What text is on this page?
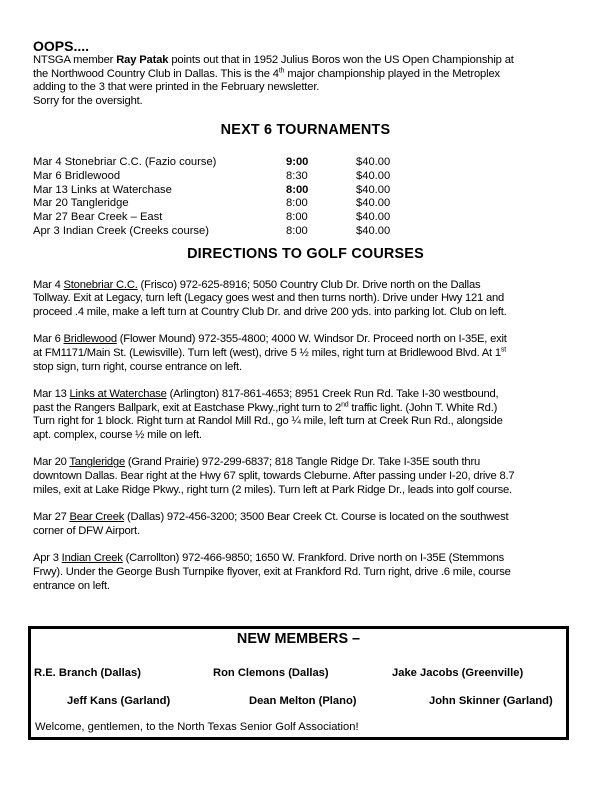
OOPS....
NTSGA member Ray Patak points out that in 1952 Julius Boros won the US Open Championship at
the Northwood Country Club in Dallas. This is the 4th major championship played in the Metroplex
adding to the 3 that were printed in the February newsletter.
Sorry for the oversight.
NEXT 6 TOURNAMENTS
Mar 4 Stonebriar C.C. (Fazio course)	9:00	$40.00
Mar 6 Bridlewood	8:30	$40.00
Mar 13 Links at Waterchase	8:00	$40.00
Mar 20 Tangleridge	8:00	$40.00
Mar 27 Bear Creek – East	8:00	$40.00
Apr 3 Indian Creek (Creeks course)	8:00	$40.00
DIRECTIONS TO GOLF COURSES
Mar 4 Stonebriar C.C. (Frisco) 972-625-8916; 5050 Country Club Dr. Drive north on the Dallas
Tollway. Exit at Legacy, turn left (Legacy goes west and then turns north). Drive under Hwy 121 and
proceed .4 mile, make a left turn at Country Club Dr. and drive 200 yds. into parking lot. Club on left.
Mar 6 Bridlewood (Flower Mound) 972-355-4800; 4000 W. Windsor Dr. Proceed north on I-35E, exit
at FM1171/Main St. (Lewisville). Turn left (west), drive 5 ½ miles, right turn at Bridlewood Blvd. At 1st
stop sign, turn right, course entrance on left.
Mar 13 Links at Waterchase (Arlington) 817-861-4653; 8951 Creek Run Rd. Take I-30 westbound,
past the Rangers Ballpark, exit at Eastchase Pkwy.,right turn to 2nd traffic light. (John T. White Rd.)
Turn right for 1 block. Right turn at Randol Mill Rd., go ¼ mile, left turn at Creek Run Rd., alongside
apt. complex, course ½ mile on left.
Mar 20 Tangleridge (Grand Prairie) 972-299-6837; 818 Tangle Ridge Dr. Take I-35E south thru
downtown Dallas. Bear right at the Hwy 67 split, towards Cleburne. After passing under I-20, drive 8.7
miles, exit at Lake Ridge Pkwy., right turn (2 miles). Turn left at Park Ridge Dr., leads into golf course.
Mar 27 Bear Creek (Dallas) 972-456-3200; 3500 Bear Creek Ct. Course is located on the southwest
corner of DFW Airport.
Apr 3 Indian Creek (Carrollton) 972-466-9850; 1650 W. Frankford. Drive north on I-35E (Stemmons
Frwy). Under the George Bush Turnpike flyover, exit at Frankford Rd. Turn right, drive .6 mile, course
entrance on left.
NEW MEMBERS –
R.E. Branch (Dallas)	Ron Clemons (Dallas)	Jake Jacobs (Greenville)
Jeff Kans (Garland)	Dean Melton (Plano)	John Skinner (Garland)
Welcome, gentlemen, to the North Texas Senior Golf Association!
